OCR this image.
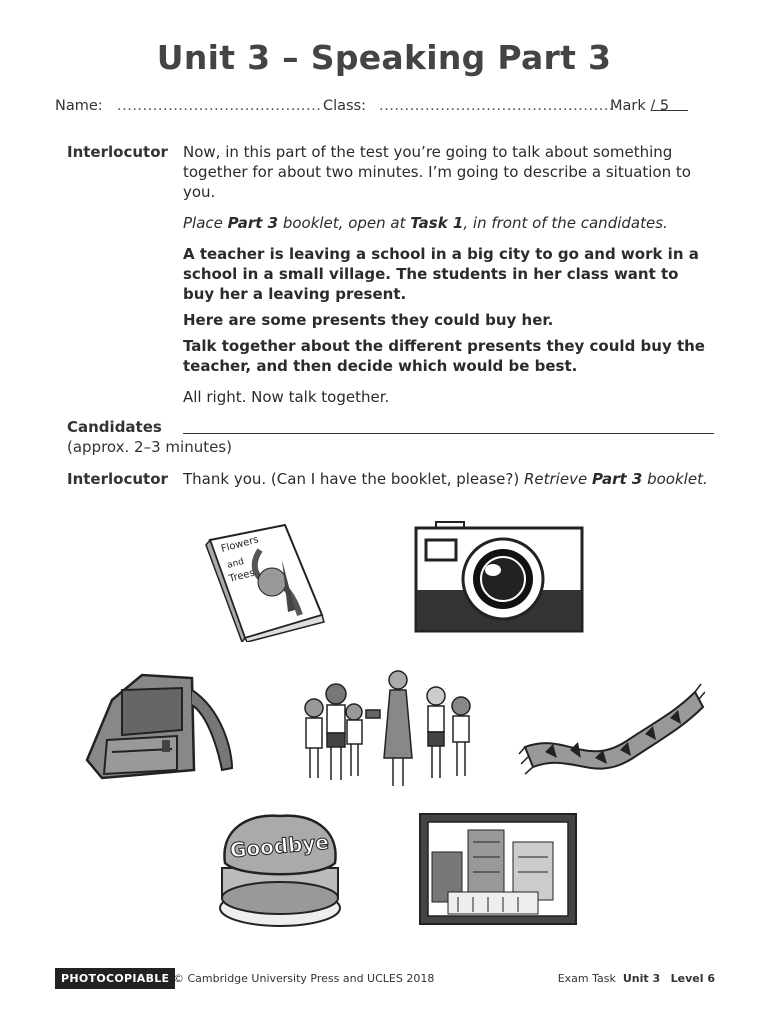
Unit 3 – Speaking Part 3
Name: ........................................ Class: ..............................................
Mark / 5
Interlocutor Now, in this part of the test you’re going to talk about something together for about two minutes. I’m going to describe a situation to you.

Place Part 3 booklet, open at Task 1, in front of the candidates.

A teacher is leaving a school in a big city to go and work in a school in a small village. The students in her class want to buy her a leaving present.

Here are some presents they could buy her.

Talk together about the different presents they could buy the teacher, and then decide which would be best.

All right. Now talk together.

Candidates
(approx. 2–3 minutes)
Interlocutor Thank you. (Can I have the booklet, please?) Retrieve Part 3 booklet.
Flowers
and
Trees
Goodbye
PHOTOCOPIABLE © Cambridge University Press and UCLES 2018	Exam Task Unit 3 Level 6
